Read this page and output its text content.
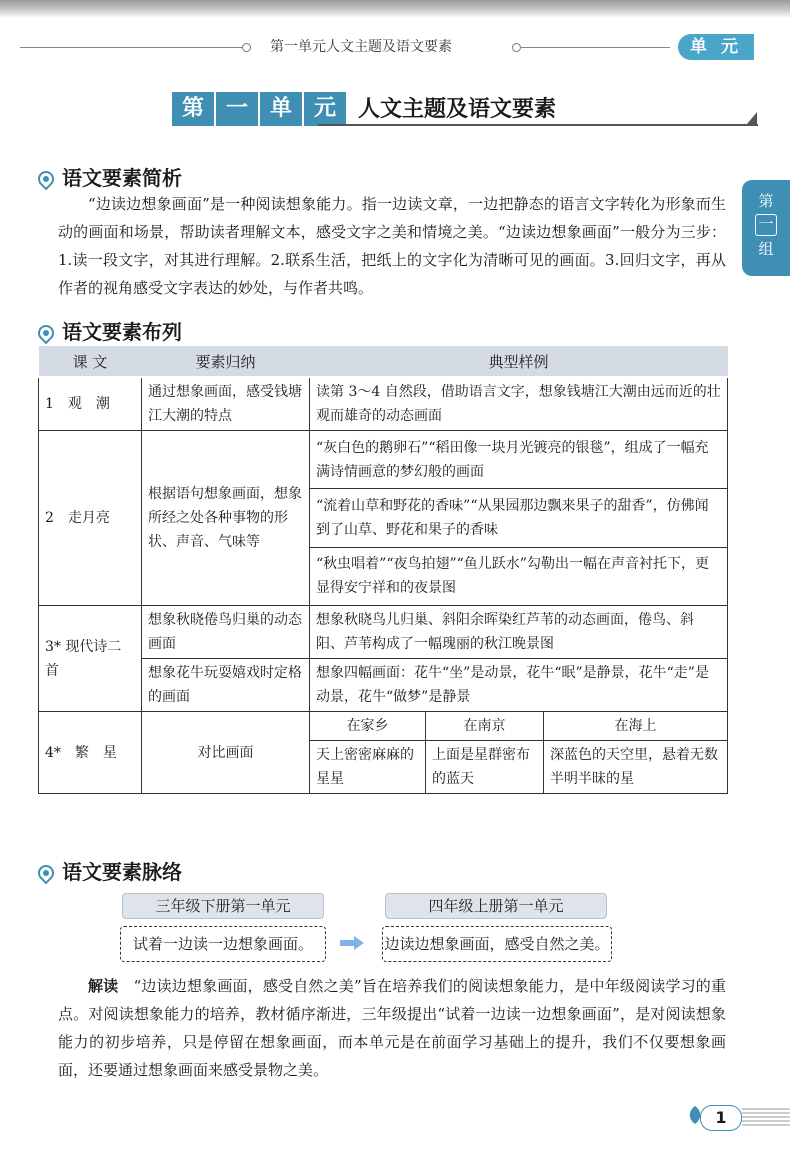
第一单元人文主题及语文要素	单 元
第
一
组
第 一 单 元	人文主题及语文要素
语文要素简析
“边读边想象画面”是一种阅读想象能力。指一边读文章，一边把静态的语言文字转化为形象而生动的画面和场景，帮助读者理解文本，感受文字之美和情境之美。“边读边想象画面”一般分为三步：1.读一段文字，对其进行理解。2.联系生活，把纸上的文字化为清晰可见的画面。3.回归文字，再从作者的视角感受文字表达的妙处，与作者共鸣。
语文要素布列
课 文	要素归纳	典型样例
1　观　潮	通过想象画面，感受钱塘江大潮的特点	读第 3～4 自然段，借助语言文字，想象钱塘江大潮由远而近的壮观而雄奇的动态画面
2　走月亮	根据语句想象画面，想象所经之处各种事物的形状、声音、气味等	“灰白色的鹅卵石”“稻田像一块月光镀亮的银毯”，组成了一幅充满诗情画意的梦幻般的画面
“流着山草和野花的香味”“从果园那边飘来果子的甜香”，仿佛闻到了山草、野花和果子的香味
“秋虫唱着”“夜鸟拍翅”“鱼儿跃水”勾勒出一幅在声音衬托下，更显得安宁祥和的夜景图
3* 现代诗二首	想象秋晓倦鸟归巢的动态画面	想象秋晓鸟儿归巢、斜阳余晖染红芦苇的动态画面，倦鸟、斜阳、芦苇构成了一幅瑰丽的秋江晚景图
想象花牛玩耍嬉戏时定格的画面	想象四幅画面：花牛“坐”是动景，花牛“眠”是静景，花牛“走”是动景，花牛“做梦”是静景
4*　繁　星	对比画面	
在家乡	在南京	在海上
天上密密麻麻的星星	上面是星群密布的蓝天	深蓝色的天空里，悬着无数半明半昧的星
语文要素脉络
三年级下册第一单元	四年级上册第一单元
试着一边读一边想象画面。	边读边想象画面，感受自然之美。
解读　 “边读边想象画面，感受自然之美”旨在培养我们的阅读想象能力，是中年级阅读学习的重点。对阅读想象能力的培养，教材循序渐进，三年级提出“试着一边读一边想象画面”，是对阅读想象能力的初步培养，只是停留在想象画面，而本单元是在前面学习基础上的提升，我们不仅要想象画面，还要通过想象画面来感受景物之美。
1
